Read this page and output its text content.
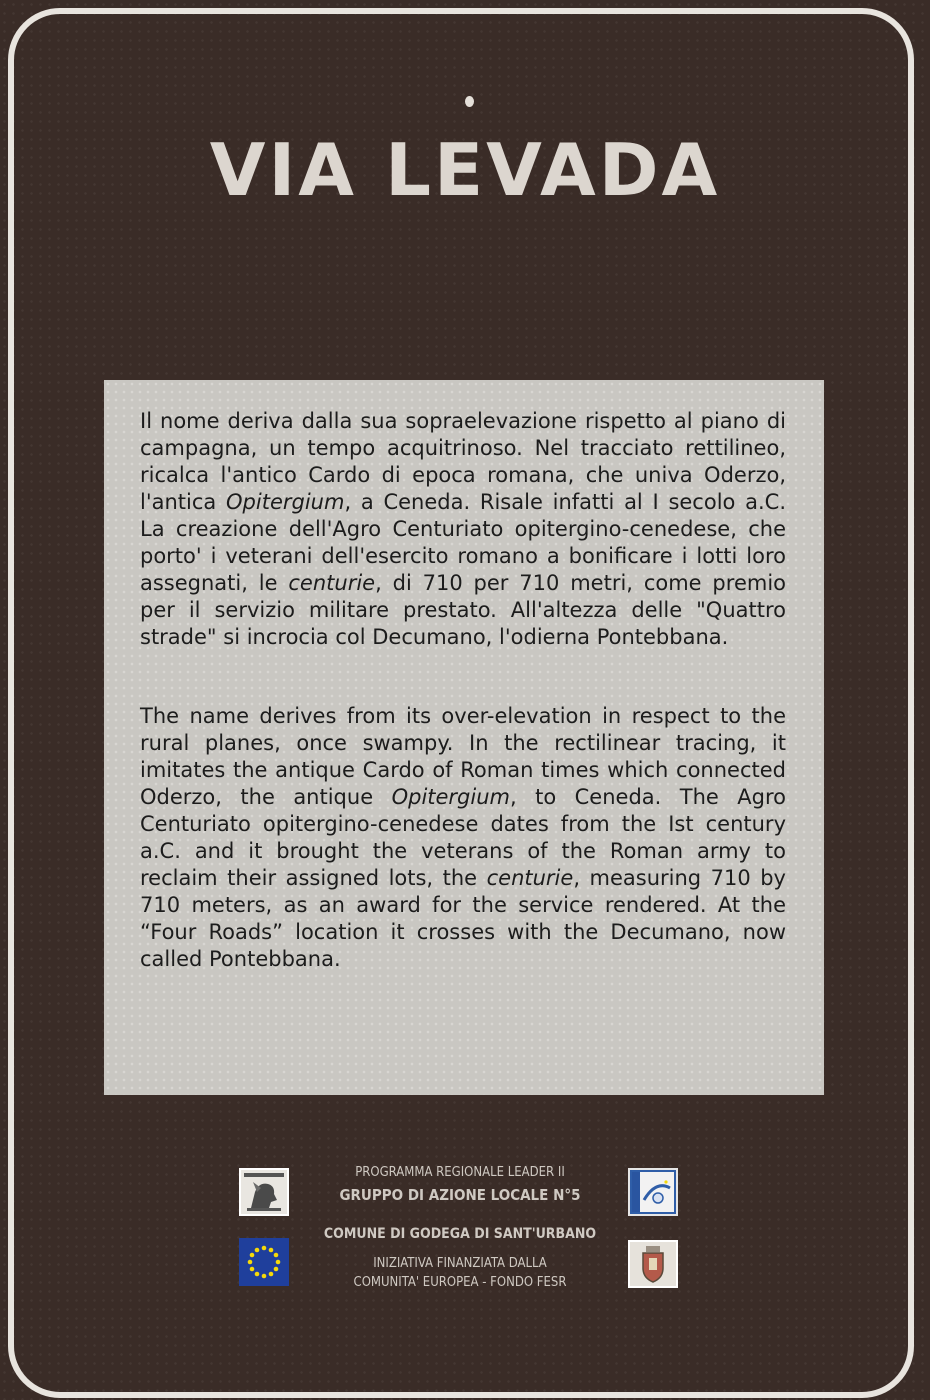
VIA LEVADA

Il nome deriva dalla sua sopraelevazione rispetto al piano di campagna, un tempo acquitrinoso. Nel tracciato rettilineo, ricalca l'antico Cardo di epoca romana, che univa Oderzo, l'antica Opitergium, a Ceneda. Risale infatti al I secolo a.C. La creazione dell'Agro Centuriato opitergino-cenedese, che porto' i veterani dell'esercito romano a bonificare i lotti loro assegnati, le centurie, di 710 per 710 metri, come premio per il servizio militare prestato. All'altezza delle "Quattro strade" si incrocia col Decumano, l'odierna Pontebbana.

The name derives from its over-elevation in respect to the rural planes, once swampy. In the rectilinear tracing, it imitates the antique Cardo of Roman times which connected Oderzo, the antique Opitergium, to Ceneda. The Agro Centuriato opitergino-cenedese dates from the Ist century a.C. and it brought the veterans of the Roman army to reclaim their assigned lots, the centurie, measuring 710 by 710 meters, as an award for the service rendered. At the “Four Roads” location it crosses with the Decumano, now called Pontebbana.

PROGRAMMA REGIONALE LEADER II
GRUPPO DI AZIONE LOCALE N°5
COMUNE DI GODEGA DI SANT'URBANO
INIZIATIVA FINANZIATA DALLA
COMUNITA' EUROPEA - FONDO FESR
